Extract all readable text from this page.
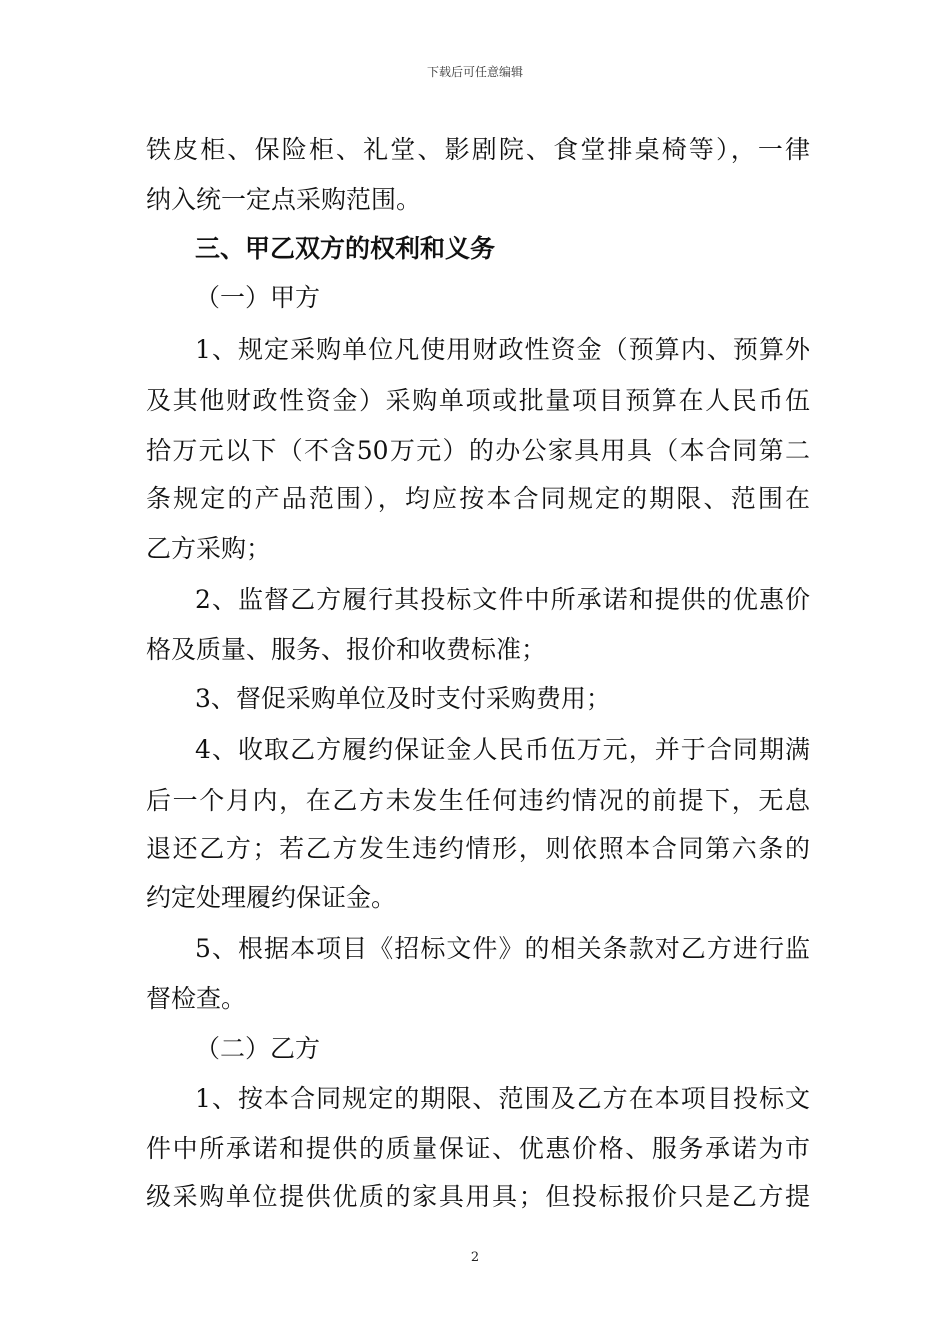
下载后可任意编辑
铁皮柜、保险柜、礼堂、影剧院、食堂排桌椅等），一律
纳入统一定点采购范围。
三、甲乙双方的权利和义务
（一）甲方
1、规定采购单位凡使用财政性资金（预算内、预算外
及其他财政性资金）采购单项或批量项目预算在人民币伍
拾万元以下（不含50万元）的办公家具用具（本合同第二
条规定的产品范围），均应按本合同规定的期限、范围在
乙方采购；
2、监督乙方履行其投标文件中所承诺和提供的优惠价
格及质量、服务、报价和收费标准；
3、督促采购单位及时支付采购费用；
4、收取乙方履约保证金人民币伍万元，并于合同期满
后一个月内，在乙方未发生任何违约情况的前提下，无息
退还乙方；若乙方发生违约情形，则依照本合同第六条的
约定处理履约保证金。
5、根据本项目《招标文件》的相关条款对乙方进行监
督检查。
（二）乙方
1、按本合同规定的期限、范围及乙方在本项目投标文
件中所承诺和提供的质量保证、优惠价格、服务承诺为市
级采购单位提供优质的家具用具；但投标报价只是乙方提
2
